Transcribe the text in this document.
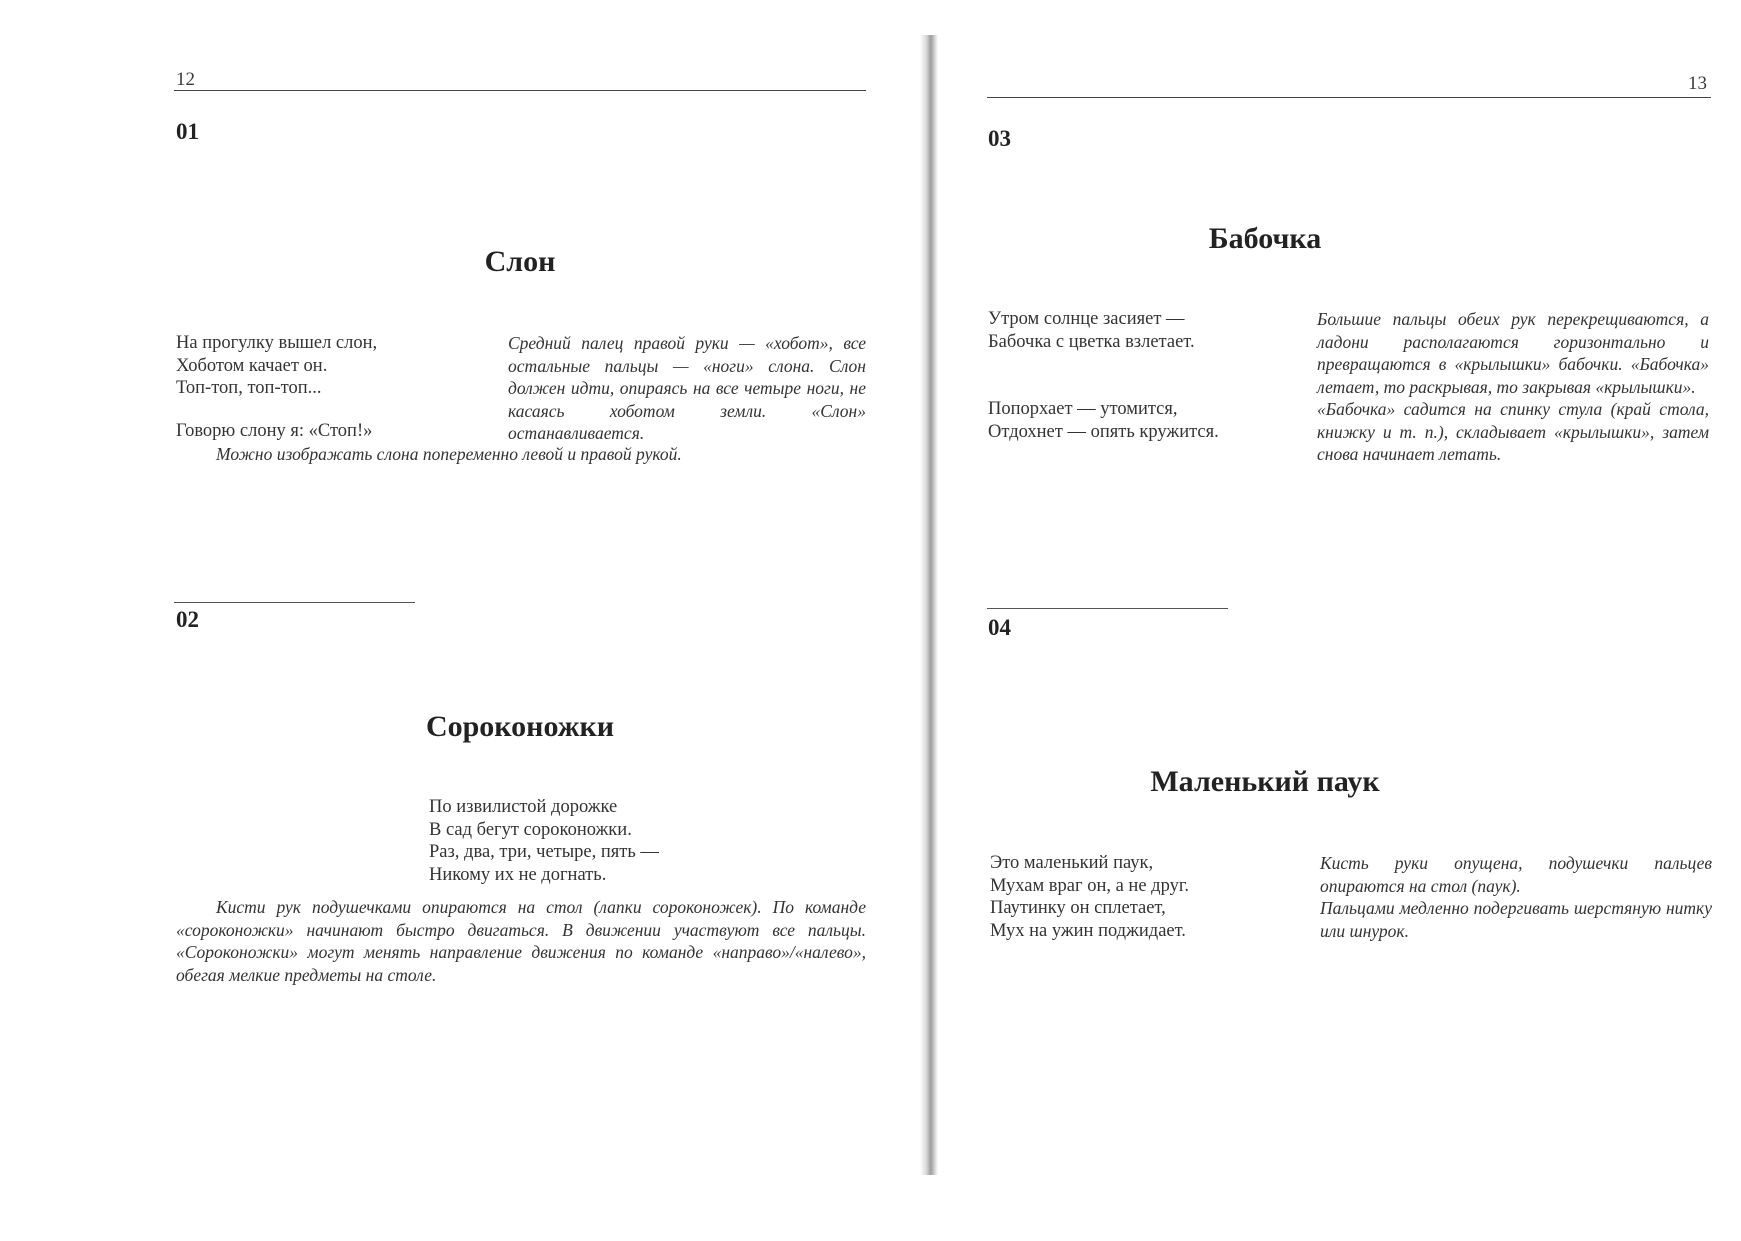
12
01
Слон
На прогулку вышел слон,
Хоботом качает он.
Топ-топ, топ-топ...
Говорю слону я: «Стоп!»
Средний палец правой руки — «хобот», все остальные пальцы — «ноги» слона. Слон должен идти, опираясь на все четыре ноги, не касаясь хоботом земли. «Слон» останавливается.
Можно изображать слона попеременно левой и правой рукой.
02
Сороконожки
По извилистой дорожке
В сад бегут сороконожки.
Раз, два, три, четыре, пять —
Никому их не догнать.
Кисти рук подушечками опираются на стол (лапки сороконожек). По команде «сороконожки» начинают быстро двигаться. В движении участвуют все пальцы. «Сороконожки» могут менять направление движения по команде «направо»/«налево», обегая мелкие предметы на столе.
13
03
Бабочка
Утром солнце засияет —
Бабочка с цветка взлетает.
Попорхает — утомится,
Отдохнет — опять кружится.
Большие пальцы обеих рук перекрещиваются, а ладони располагаются горизонтально и превращаются в «крылышки» бабочки. «Бабочка» летает, то раскрывая, то закрывая «крылышки».
«Бабочка» садится на спинку стула (край стола, книжку и т. п.), складывает «крылышки», затем снова начинает летать.
04
Маленький паук
Это маленький паук,
Мухам враг он, а не друг.
Паутинку он сплетает,
Мух на ужин поджидает.
Кисть руки опущена, подушечки пальцев опираются на стол (паук).
Пальцами медленно подергивать шерстяную нитку или шнурок.
